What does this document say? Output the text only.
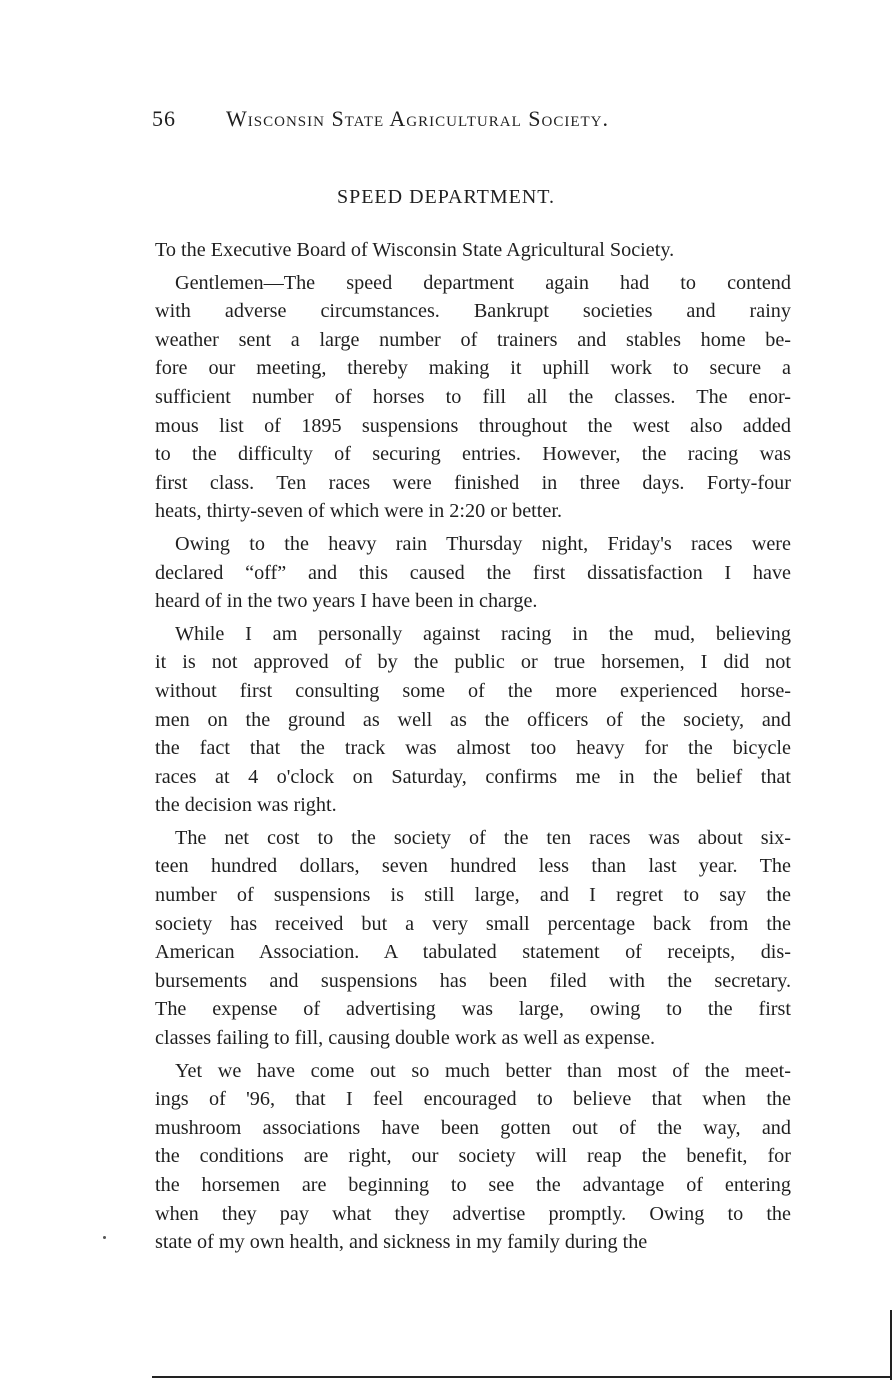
56 Wisconsin State Agricultural Society.
SPEED DEPARTMENT.

To the Executive Board of Wisconsin State Agricultural Society.

Gentlemen—The speed department again had to contend
with adverse circumstances. Bankrupt societies and rainy
weather sent a large number of trainers and stables home be-
fore our meeting, thereby making it uphill work to secure a
sufficient number of horses to fill all the classes. The enor-
mous list of 1895 suspensions throughout the west also added
to the difficulty of securing entries. However, the racing was
first class. Ten races were finished in three days. Forty-four
heats, thirty-seven of which were in 2:20 or better.
Owing to the heavy rain Thursday night, Friday's races were
declared “off” and this caused the first dissatisfaction I have
heard of in the two years I have been in charge.
While I am personally against racing in the mud, believing
it is not approved of by the public or true horsemen, I did not
without first consulting some of the more experienced horse-
men on the ground as well as the officers of the society, and
the fact that the track was almost too heavy for the bicycle
races at 4 o'clock on Saturday, confirms me in the belief that
the decision was right.
The net cost to the society of the ten races was about six-
teen hundred dollars, seven hundred less than last year. The
number of suspensions is still large, and I regret to say the
society has received but a very small percentage back from the
American Association. A tabulated statement of receipts, dis-
bursements and suspensions has been filed with the secretary.
The expense of advertising was large, owing to the first
classes failing to fill, causing double work as well as expense.
Yet we have come out so much better than most of the meet-
ings of '96, that I feel encouraged to believe that when the
mushroom associations have been gotten out of the way, and
the conditions are right, our society will reap the benefit, for
the horsemen are beginning to see the advantage of entering
when they pay what they advertise promptly. Owing to the
state of my own health, and sickness in my family during the
